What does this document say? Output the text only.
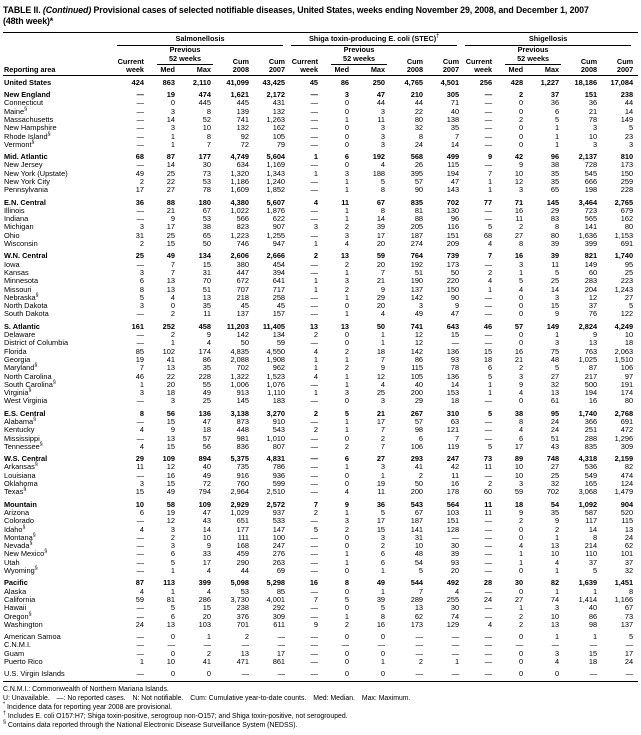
TABLE II. (Continued) Provisional cases of selected notifiable diseases, United States, weeks ending November 29, 2008, and December 1, 2007
(48th week)*

	Salmonellosis					Shiga toxin-producing E. coli (STEC)†					Shigellosis				

Reporting area	
Current
week

Previous
52 weeks	Cum
2008

Cum
2007

Current
week

Previous
52 weeks	Cum
2008

Cum
2007

Current
week

Previous
52 weeks	Cum
2008

Cum
2007

		Med	Max				Med	Max				Med	Max		
United States	424	863	2,110	41,099	43,425	45	86	250	4,765	4,501	256	428	1,227	18,186	17,084
New England	—	19	474	1,621	2,172	—	3	47	210	305	—	2	37	151	238
Connecticut	—	0	445	445	431	—	0	44	44	71	—	0	36	36	44
Maine§	—	3	8	139	132	—	0	3	22	40	—	0	6	21	14
Massachusetts	—	14	52	741	1,263	—	1	11	80	138	—	2	5	78	149
New Hampshire	—	3	10	132	162	—	0	3	32	35	—	0	1	3	5
Rhode Island§	—	1	8	92	105	—	0	3	8	7	—	0	1	10	23
Vermont§	—	1	7	72	79	—	0	3	24	14	—	0	1	3	3
Mid. Atlantic	68	87	177	4,749	5,604	1	6	192	568	499	9	42	96	2,137	810
New Jersey	—	14	30	634	1,169	—	0	4	26	115	—	9	38	728	173
New York (Upstate)	49	25	73	1,320	1,343	1	3	188	395	194	7	10	35	545	150
New York City	2	22	53	1,186	1,240	—	1	5	57	47	1	12	35	666	259
Pennsylvania	17	27	78	1,609	1,852	—	1	8	90	143	1	3	65	198	228
E.N. Central	36	88	180	4,380	5,607	4	11	67	835	702	77	71	145	3,464	2,765
Illinois	—	21	67	1,022	1,876	—	1	8	81	130	—	16	29	723	679
Indiana	—	9	53	566	622	—	1	14	88	96	—	11	83	565	162
Michigan	3	17	38	823	907	3	2	39	205	116	5	2	8	141	80
Ohio	31	25	65	1,223	1,255	—	3	17	187	151	68	27	80	1,636	1,153
Wisconsin	2	15	50	746	947	1	4	20	274	209	4	8	39	399	691
W.N. Central	25	49	134	2,606	2,666	2	13	59	764	739	7	16	39	821	1,740
Iowa	—	7	15	380	454	—	2	20	192	173	—	3	11	149	95
Kansas	3	7	31	447	394	—	1	7	51	50	2	1	5	60	25
Minnesota	6	13	70	672	641	1	3	21	190	220	4	5	25	283	223
Missouri	8	13	51	707	717	1	2	9	137	150	1	4	14	204	1,243
Nebraska§	5	4	13	218	258	—	1	29	142	90	—	0	3	12	27
North Dakota	3	0	35	45	45	—	0	20	3	9	—	0	15	37	5
South Dakota	—	2	11	137	157	—	1	4	49	47	—	0	9	76	122
S. Atlantic	161	252	458	11,203	11,405	13	13	50	741	643	46	57	149	2,824	4,249
Delaware	—	2	9	142	134	2	0	1	12	15	—	0	1	9	10
District of Columbia	—	1	4	50	59	—	0	1	12	—	—	0	3	13	18
Florida	85	102	174	4,835	4,550	4	2	18	142	136	15	16	75	763	2,063
Georgia	19	41	86	2,088	1,908	1	1	7	86	93	18	21	48	1,025	1,510
Maryland§	7	13	35	702	962	1	2	9	115	78	6	2	5	87	106
North Carolina	46	22	228	1,322	1,523	4	1	12	105	136	5	3	27	217	97
South Carolina§	1	20	55	1,006	1,076	—	1	4	40	14	1	9	32	500	191
Virginia§	3	18	49	913	1,110	1	3	25	200	153	1	4	13	194	174
West Virginia	—	3	25	145	183	—	0	3	29	18	—	0	61	16	80
E.S. Central	8	56	136	3,138	3,270	2	5	21	267	310	5	38	95	1,740	2,768
Alabama§	—	15	47	873	910	—	1	17	57	63	—	8	24	366	691
Kentucky	4	9	18	448	543	2	1	7	98	121	—	4	24	251	472
Mississippi	—	13	57	981	1,010	—	0	2	6	7	—	6	51	288	1,296
Tennessee§	4	15	56	836	807	—	2	7	106	119	5	17	43	835	309
W.S. Central	29	109	894	5,375	4,831	—	6	27	293	247	73	89	748	4,318	2,159
Arkansas§	11	12	40	735	786	—	1	3	41	42	11	10	27	536	82
Louisiana	—	16	49	916	936	—	0	1	2	11	—	10	25	549	474
Oklahoma	3	15	72	760	599	—	0	19	50	16	2	3	32	165	124
Texas§	15	49	794	2,964	2,510	—	4	11	200	178	60	59	702	3,068	1,479
Mountain	10	58	109	2,929	2,572	7	9	36	543	564	11	18	54	1,092	904
Arizona	6	19	47	1,029	937	2	1	5	67	103	11	9	35	587	520
Colorado	—	12	43	651	533	—	3	17	187	151	—	2	9	117	115
Idaho§	4	3	14	177	147	5	2	15	141	128	—	0	2	14	13
Montana§	—	2	10	111	100	—	0	3	31	—	—	0	1	8	24
Nevada§	—	3	9	168	247	—	0	2	10	30	—	4	13	214	62
New Mexico§	—	6	33	459	276	—	1	6	48	39	—	1	10	110	101
Utah	—	5	17	290	263	—	1	6	54	93	—	1	4	37	37
Wyoming§	—	1	4	44	69	—	0	1	5	20	—	0	1	5	32
Pacific	87	113	399	5,098	5,298	16	8	49	544	492	28	30	82	1,639	1,451
Alaska	4	1	4	53	85	—	0	1	7	4	—	0	1	1	8
California	59	81	286	3,730	4,001	7	5	39	289	255	24	27	74	1,414	1,166
Hawaii	—	5	15	238	292	—	0	5	13	30	—	1	3	40	67
Oregon§	—	6	20	376	309	—	1	8	62	74	—	2	10	86	73
Washington	24	13	103	701	611	9	2	16	173	129	4	2	13	98	137
American Samoa	—	0	1	2	—	—	0	0	—	—	—	0	1	1	5
C.N.M.I.	—	—	—	—	—	—	—	—	—	—	—	—	—	—	—
Guam	—	0	2	13	17	—	0	0	—	—	—	0	3	15	17
Puerto Rico	1	10	41	471	861	—	0	1	2	1	—	0	4	18	24
U.S. Virgin Islands	—	0	0	—	—	—	0	0	—	—	—	0	0	—	—
C.N.M.I.: Commonwealth of Northern Mariana Islands.
U: Unavailable. —: No reported cases. N: Not notifiable. Cum: Cumulative year-to-date counts. Med: Median. Max: Maximum.
* Incidence data for reporting year 2008 are provisional.
† Includes E. coli O157:H7; Shiga toxin-positive, serogroup non-O157; and Shiga toxin-positive, not serogrouped.
§ Contains data reported through the National Electronic Disease Surveillance System (NEDSS).
